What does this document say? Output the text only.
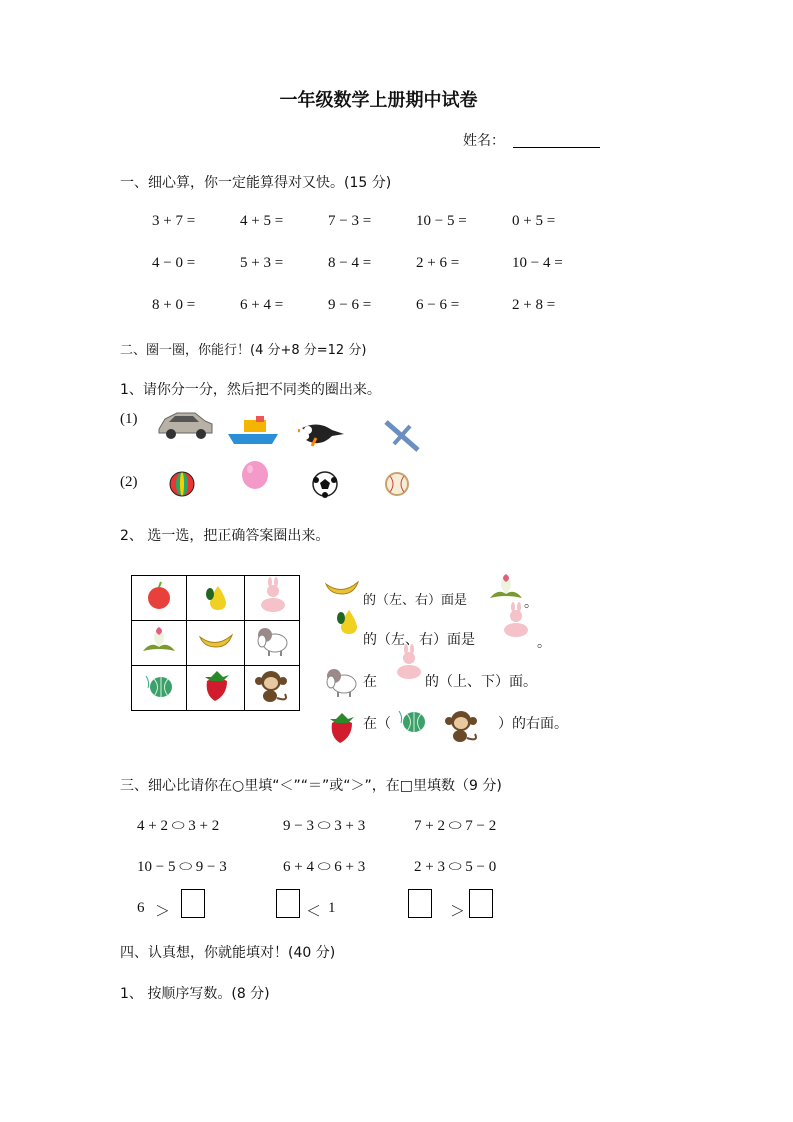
一年级数学上册期中试卷
姓名：
一、细心算，你一定能算得对又快。(15 分)
3 + 7 =	4 + 5 =	7 − 3 =	10 − 5 =	0 + 5 =
4 − 0 =	5 + 3 =	8 − 4 =	2 + 6 =	10 − 4 =
8 + 0 =	6 + 4 =	9 − 6 =	6 − 6 =	2 + 8 =
二、圈一圈，你能行！(4 分+8 分=12 分)
1、请你分一分，然后把不同类的圈出来。
(1)
(2)
2、 选一选，把正确答案圈出来。

的（左、右）面是	。
的（左、右）面是	。
在	的（上、下）面。
在（	）的右面。
三、细心比请你在○里填“＜”“＝”或“＞”，在□里填数（9 分)
4 + 2 ⬭ 3 + 2	9 − 3 ⬭ 3 + 3	7 + 2 ⬭ 7 − 2
10 − 5 ⬭ 9 − 3	6 + 4 ⬭ 6 + 3	2 + 3 ⬭ 5 − 0
6 ＞	＜ 1	＞
四、认真想，你就能填对！(40 分)
1、 按顺序写数。(8 分)
